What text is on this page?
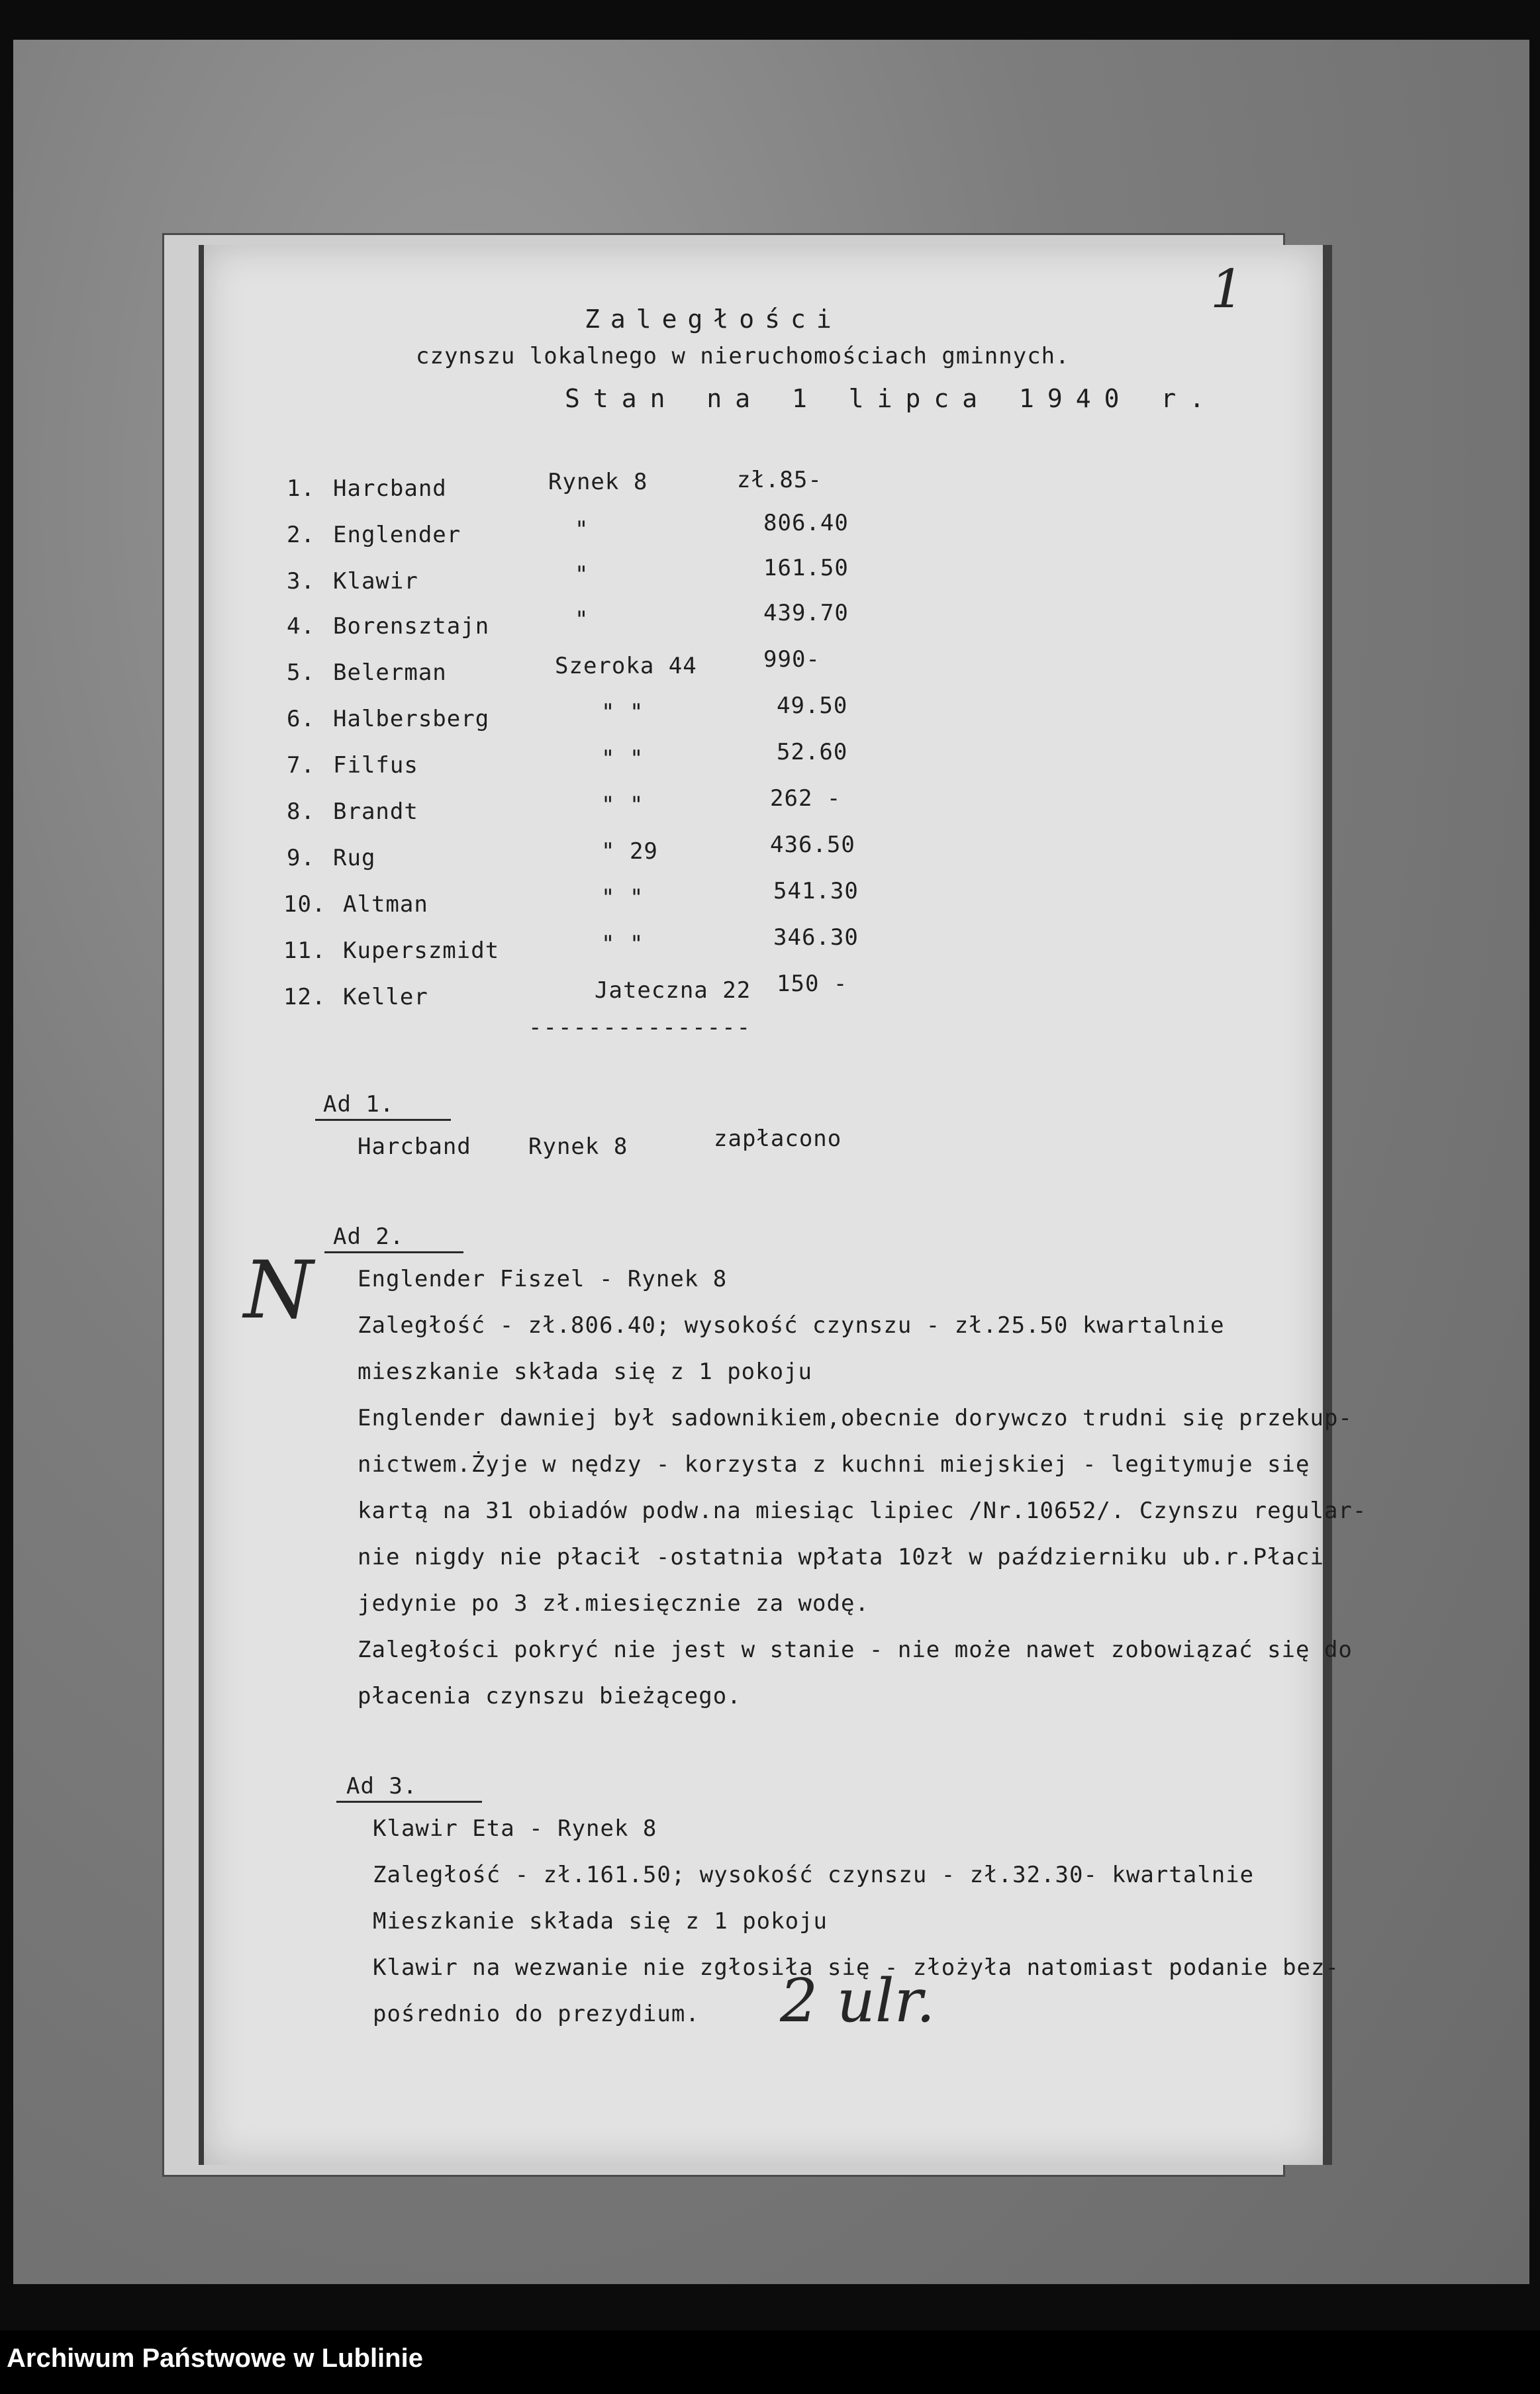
1
Zaległości
czynszu lokalnego w nieruchomościach gminnych.
Stan na 1 lipca 1940 r.
1. Harcband	Rynek 8	zł.85-
2. Englender	"	806.40
3. Klawir	"	161.50
4. Borensztajn	"	439.70
5. Belerman	Szeroka 44	990-
6. Halbersberg	" "	49.50
7. Filfus	" "	52.60
8. Brandt	" "	262 -
9. Rug	" 29	436.50
10. Altman	" "	541.30
11. Kuperszmidt	" "	346.30
12. Keller	Jateczna 22 150 -
---------------
Ad 1.
Harcband	Rynek 8	zapłacono
N
Ad 2.
Englender Fiszel - Rynek 8
Zaległość - zł.806.40; wysokość czynszu - zł.25.50 kwartalnie
mieszkanie składa się z 1 pokoju
Englender dawniej był sadownikiem,obecnie dorywczo trudni się przekup-
nictwem.Żyje w nędzy - korzysta z kuchni miejskiej - legitymuje się
kartą na 31 obiadów podw.na miesiąc lipiec /Nr.10652/. Czynszu regular-
nie nigdy nie płacił -ostatnia wpłata 10zł w październiku ub.r.Płaci
jedynie po 3 zł.miesięcznie za wodę.
Zaległości pokryć nie jest w stanie - nie może nawet zobowiązać się do
płacenia czynszu bieżącego.
Ad 3.
Klawir Eta - Rynek 8
Zaległość - zł.161.50; wysokość czynszu - zł.32.30- kwartalnie
Mieszkanie składa się z 1 pokoju
Klawir na wezwanie nie zgłosiła się - złożyła natomiast podanie bez-
pośrednio do prezydium. 2 ulr.
Archiwum Państwowe w Lublinie
